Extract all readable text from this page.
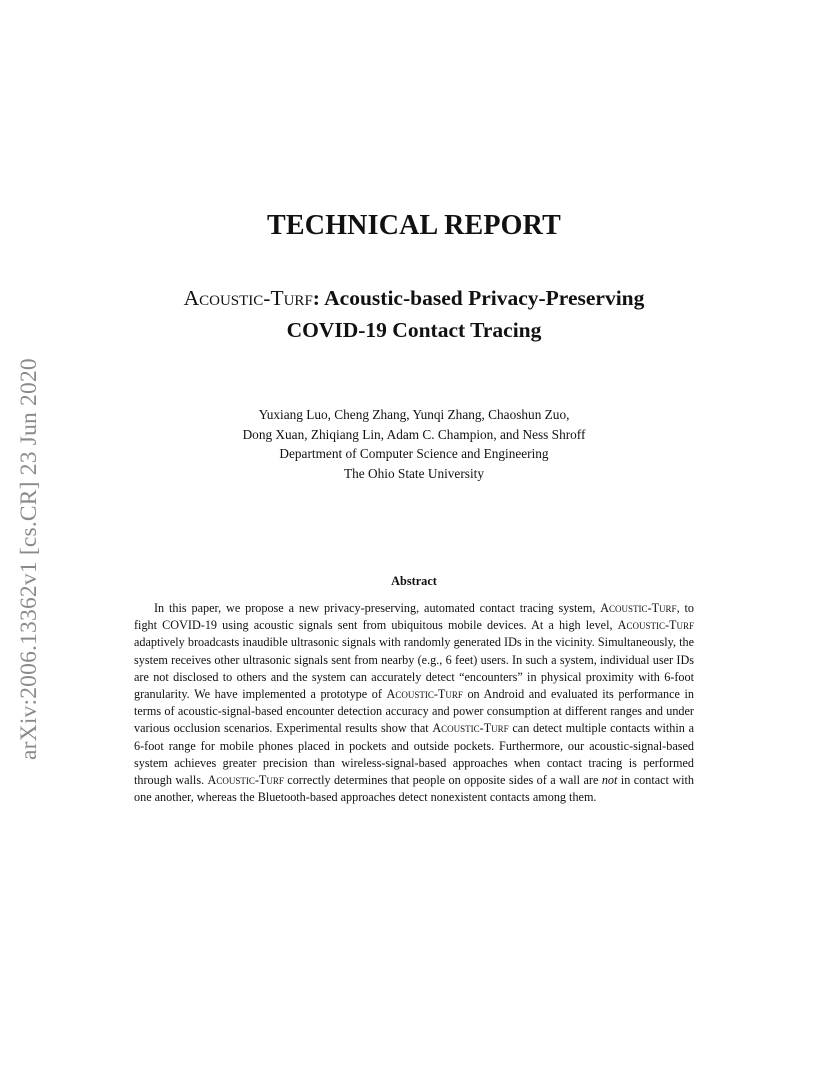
arXiv:2006.13362v1 [cs.CR] 23 Jun 2020
TECHNICAL REPORT
Acoustic-Turf: Acoustic-based Privacy-Preserving
COVID-19 Contact Tracing
Yuxiang Luo, Cheng Zhang, Yunqi Zhang, Chaoshun Zuo,
Dong Xuan, Zhiqiang Lin, Adam C. Champion, and Ness Shroff
Department of Computer Science and Engineering
The Ohio State University
Abstract
In this paper, we propose a new privacy-preserving, automated contact tracing system, Acoustic-Turf, to fight COVID-19 using acoustic signals sent from ubiquitous mobile devices. At a high level, Acoustic-Turf adaptively broadcasts inaudible ultrasonic signals with randomly generated IDs in the vicinity. Simultaneously, the system receives other ultrasonic signals sent from nearby (e.g., 6 feet) users. In such a system, individual user IDs are not disclosed to others and the system can accurately detect “encounters” in physical proximity with 6-foot granularity. We have implemented a prototype of Acoustic-Turf on Android and evaluated its performance in terms of acoustic-signal-based encounter detection accuracy and power consumption at different ranges and under various occlusion scenarios. Experimental results show that Acoustic-Turf can detect multiple contacts within a 6-foot range for mobile phones placed in pockets and outside pockets. Furthermore, our acoustic-signal-based system achieves greater precision than wireless-signal-based approaches when contact tracing is performed through walls. Acoustic-Turf correctly determines that people on opposite sides of a wall are not in contact with one another, whereas the Bluetooth-based approaches detect nonexistent contacts among them.
